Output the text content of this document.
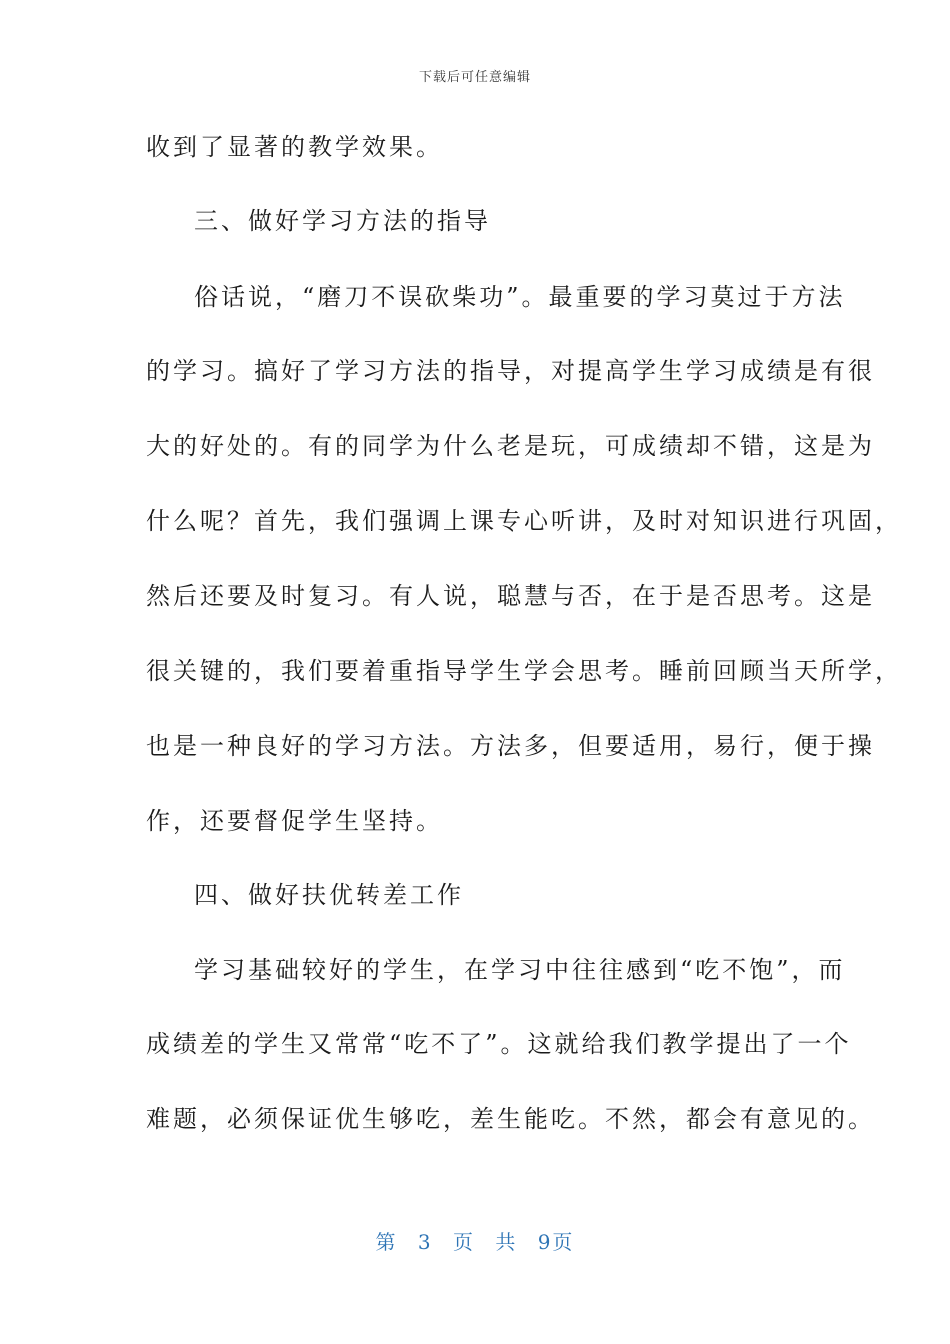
下载后可任意编辑
收到了显著的教学效果。
三、做好学习方法的指导
俗话说，“磨刀不误砍柴功”。最重要的学习莫过于方法
的学习。搞好了学习方法的指导，对提高学生学习成绩是有很
大的好处的。有的同学为什么老是玩，可成绩却不错，这是为
什么呢？首先，我们强调上课专心听讲，及时对知识进行巩固，
然后还要及时复习。有人说，聪慧与否，在于是否思考。这是
很关键的，我们要着重指导学生学会思考。睡前回顾当天所学，
也是一种良好的学习方法。方法多，但要适用，易行，便于操
作，还要督促学生坚持。
四、做好扶优转差工作
学习基础较好的学生，在学习中往往感到“吃不饱”，而
成绩差的学生又常常“吃不了”。这就给我们教学提出了一个
难题，必须保证优生够吃，差生能吃。不然，都会有意见的。
第 3 页 共 9页
